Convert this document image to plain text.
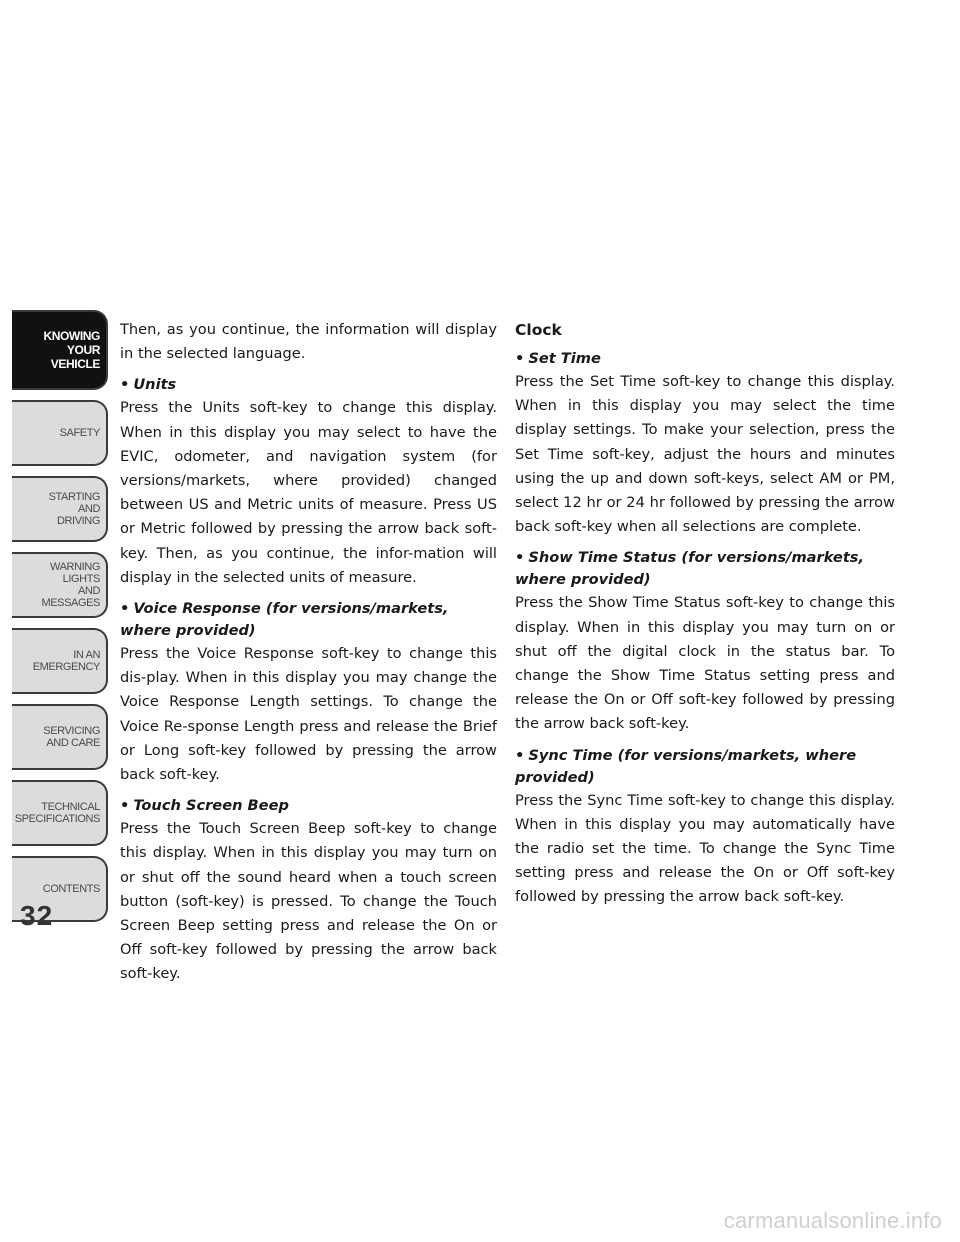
KNOWING
YOUR
VEHICLE
SAFETY
STARTING
AND
DRIVING
WARNING
LIGHTS
AND
MESSAGES
IN AN
EMERGENCY
SERVICING
AND CARE
TECHNICAL
SPECIFICATIONS
CONTENTS
32

Then, as you continue, the information will display in the selected language.

• Units

Press the Units soft-key to change this display. When in this display you may select to have the EVIC, odometer, and navigation system (for versions/markets, where provided) changed between US and Metric units of measure. Press US or Metric followed by pressing the arrow back soft-key. Then, as you continue, the infor-mation will display in the selected units of measure.

• Voice Response (for versions/markets, where provided)

Press the Voice Response soft-key to change this dis-play. When in this display you may change the Voice Response Length settings. To change the Voice Re-sponse Length press and release the Brief or Long soft-key followed by pressing the arrow back soft-key.

• Touch Screen Beep

Press the Touch Screen Beep soft-key to change this display. When in this display you may turn on or shut off the sound heard when a touch screen button (soft-key) is pressed. To change the Touch Screen Beep setting press and release the On or Off soft-key followed by pressing the arrow back soft-key.

Clock
• Set Time

Press the Set Time soft-key to change this display. When in this display you may select the time display settings. To make your selection, press the Set Time soft-key, adjust the hours and minutes using the up and down soft-keys, select AM or PM, select 12 hr or 24 hr followed by pressing the arrow back soft-key when all selections are complete.

• Show Time Status (for versions/markets, where provided)

Press the Show Time Status soft-key to change this display. When in this display you may turn on or shut off the digital clock in the status bar. To change the Show Time Status setting press and release the On or Off soft-key followed by pressing the arrow back soft-key.

• Sync Time (for versions/markets, where provided)

Press the Sync Time soft-key to change this display. When in this display you may automatically have the radio set the time. To change the Sync Time setting press and release the On or Off soft-key followed by pressing the arrow back soft-key.

carmanualsonline.info
